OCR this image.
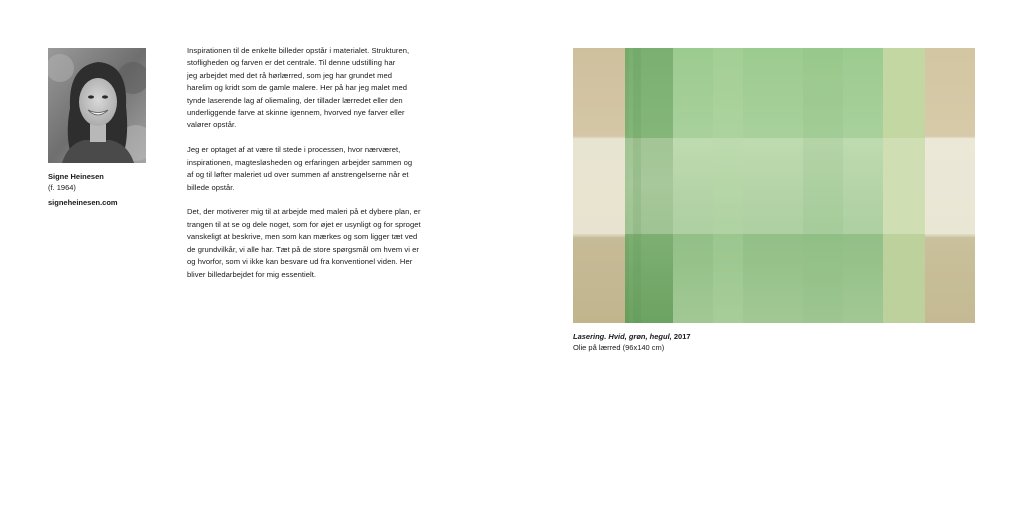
Signe Heinesen
(f. 1964)
signeheinesen.com

Inspirationen til de enkelte billeder opstår i materialet. Strukturen,
stofligheden og farven er det centrale. Til denne udstilling har
jeg arbejdet med det rå hørlærred, som jeg har grundet med
harelim og kridt som de gamle malere. Her på har jeg malet med
tynde laserende lag af oliemaling, der tillader lærredet eller den
underliggende farve at skinne igennem, hvorved nye farver eller
valører opstår.

Jeg er optaget af at være til stede i processen, hvor nærværet,
inspirationen, magtesløsheden og erfaringen arbejder sammen og
af og til løfter maleriet ud over summen af anstrengelserne når et
billede opstår.

Det, der motiverer mig til at arbejde med maleri på et dybere plan, er
trangen til at se og dele noget, som for øjet er usynligt og for sproget
vanskeligt at beskrive, men som kan mærkes og som ligger tæt ved
de grundvilkår, vi alle har. Tæt på de store spørgsmål om hvem vi er
og hvorfor, som vi ikke kan besvare ud fra konventionel viden. Her
bliver billedarbejdet for mig essentielt.

Lasering. Hvid, grøn, hegul, 2017
Olie på lærred (96x140 cm)
